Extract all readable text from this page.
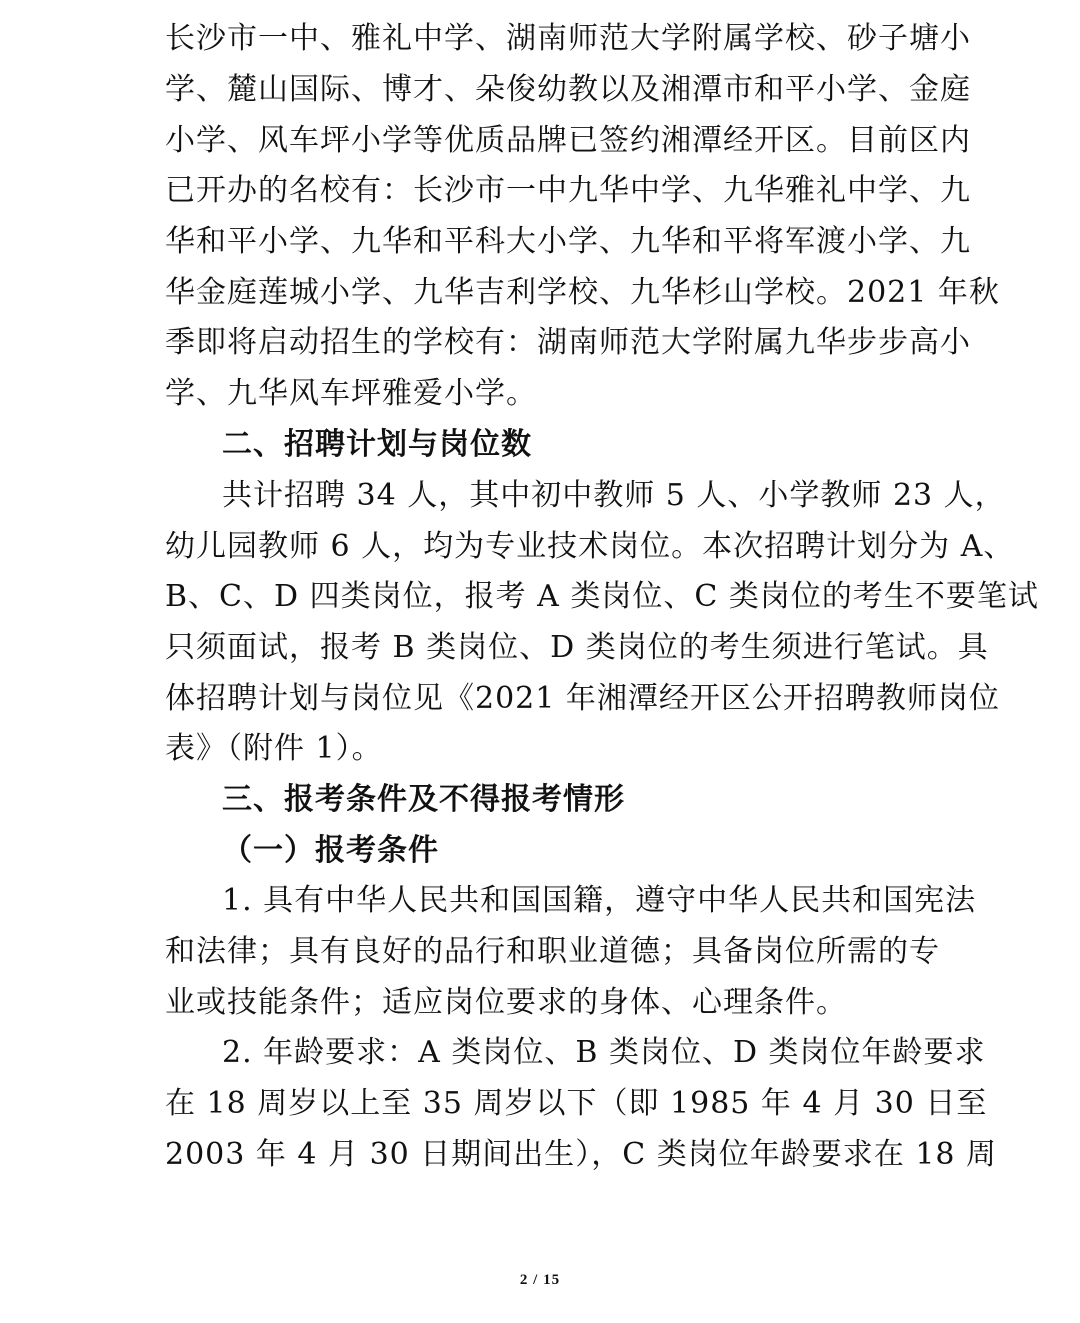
长沙市一中、雅礼中学、湖南师范大学附属学校、砂子塘小
学、麓山国际、博才、朵俊幼教以及湘潭市和平小学、金庭
小学、风车坪小学等优质品牌已签约湘潭经开区。目前区内
已开办的名校有：长沙市一中九华中学、九华雅礼中学、九
华和平小学、九华和平科大小学、九华和平将军渡小学、九
华金庭莲城小学、九华吉利学校、九华杉山学校。2021 年秋
季即将启动招生的学校有：湖南师范大学附属九华步步高小
学、九华风车坪雅爱小学。
二、招聘计划与岗位数
共计招聘 34 人，其中初中教师 5 人、小学教师 23 人，
幼儿园教师 6 人，均为专业技术岗位。本次招聘计划分为 A、
B、C、D 四类岗位，报考 A 类岗位、C 类岗位的考生不要笔试
只须面试，报考 B 类岗位、D 类岗位的考生须进行笔试。具
体招聘计划与岗位见《2021 年湘潭经开区公开招聘教师岗位
表》（附件 1）。
三、报考条件及不得报考情形
（一）报考条件
1. 具有中华人民共和国国籍，遵守中华人民共和国宪法
和法律；具有良好的品行和职业道德；具备岗位所需的专
业或技能条件；适应岗位要求的身体、心理条件。
2. 年龄要求：A 类岗位、B 类岗位、D 类岗位年龄要求
在 18 周岁以上至 35 周岁以下（即 1985 年 4 月 30 日至
2003 年 4 月 30 日期间出生），C 类岗位年龄要求在 18 周
2 / 15
